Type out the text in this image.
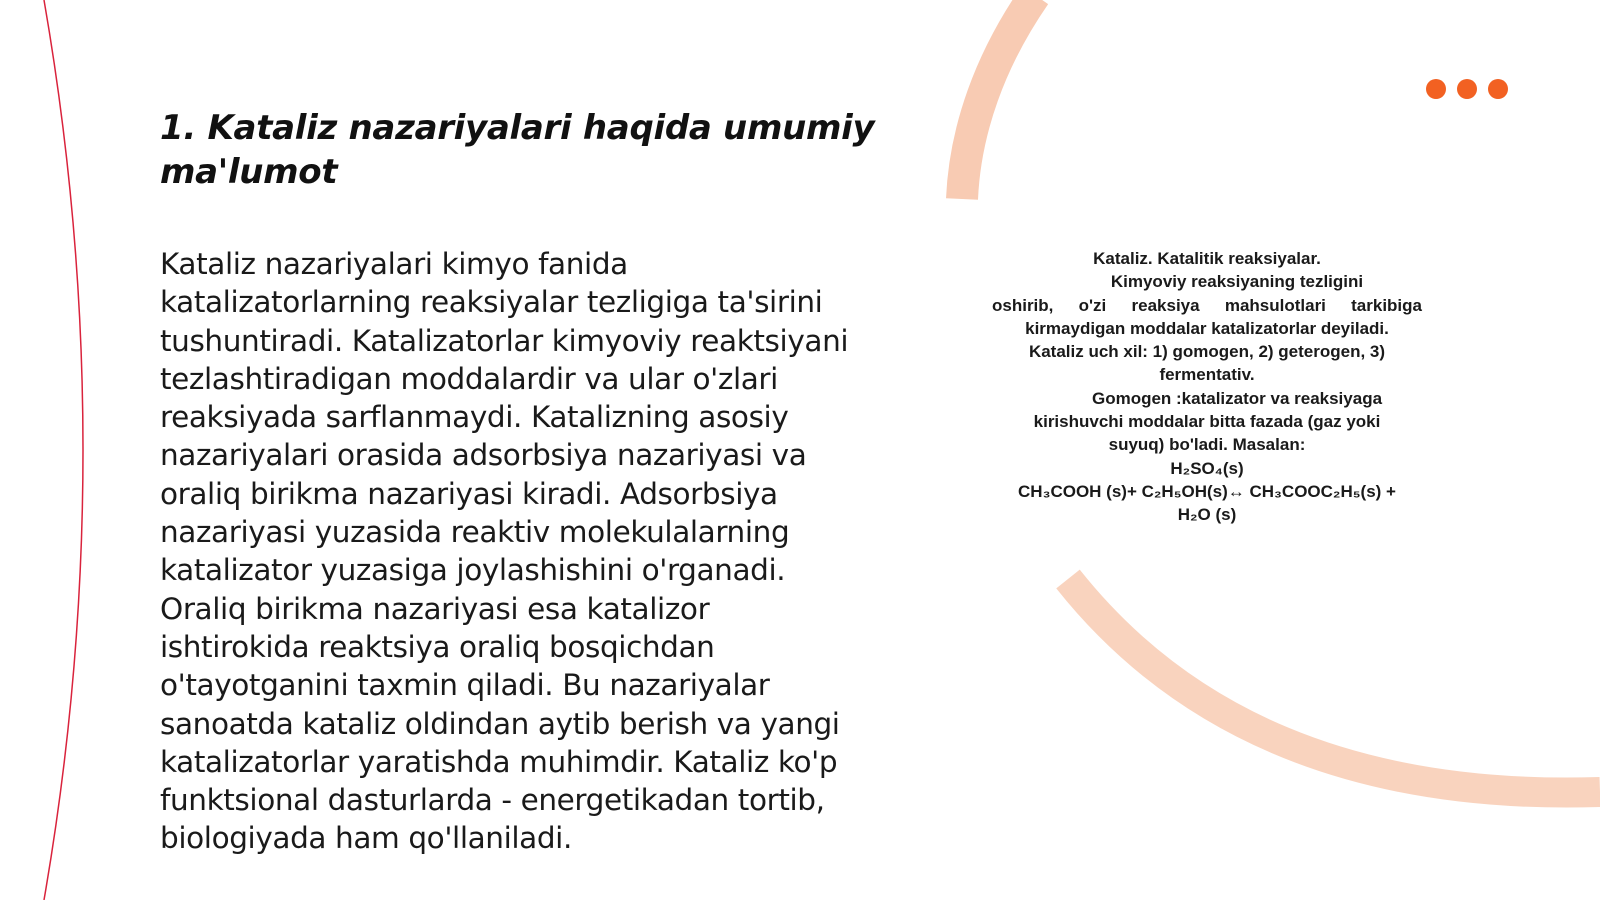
1. Kataliz nazariyalari haqida umumiy ma'lumot

Kataliz nazariyalari kimyo fanida katalizatorlarning reaksiyalar tezligiga ta'sirini tushuntiradi. Katalizatorlar kimyoviy reaktsiyani tezlashtiradigan moddalardir va ular o'zlari reaksiyada sarflanmaydi. Katalizning asosiy nazariyalari orasida adsorbsiya nazariyasi va oraliq birikma nazariyasi kiradi. Adsorbsiya nazariyasi yuzasida reaktiv molekulalarning katalizator yuzasiga joylashishini o'rganadi. Oraliq birikma nazariyasi esa katalizor ishtirokida reaktsiya oraliq bosqichdan o'tayotganini taxmin qiladi. Bu nazariyalar sanoatda kataliz oldindan aytib berish va yangi katalizatorlar yaratishda muhimdir. Kataliz ko'p funktsional dasturlarda - energetikadan tortib, biologiyada ham qo'llaniladi.

Kataliz. Katalitik reaksiyalar.
Kimyoviy reaksiyaning tezligini
oshirib, o'zi reaksiya mahsulotlari tarkibiga
kirmaydigan moddalar katalizatorlar deyiladi.
Kataliz uch xil: 1) gomogen, 2) geterogen, 3)
fermentativ.
Gomogen :katalizator va reaksiyaga
kirishuvchi moddalar bitta fazada (gaz yoki
suyuq) bo'ladi. Masalan:
H₂SO₄(s)
CH₃COOH (s)+ C₂H₅OH(s)↔ CH₃COOC₂H₅(s) +
H₂O (s)
